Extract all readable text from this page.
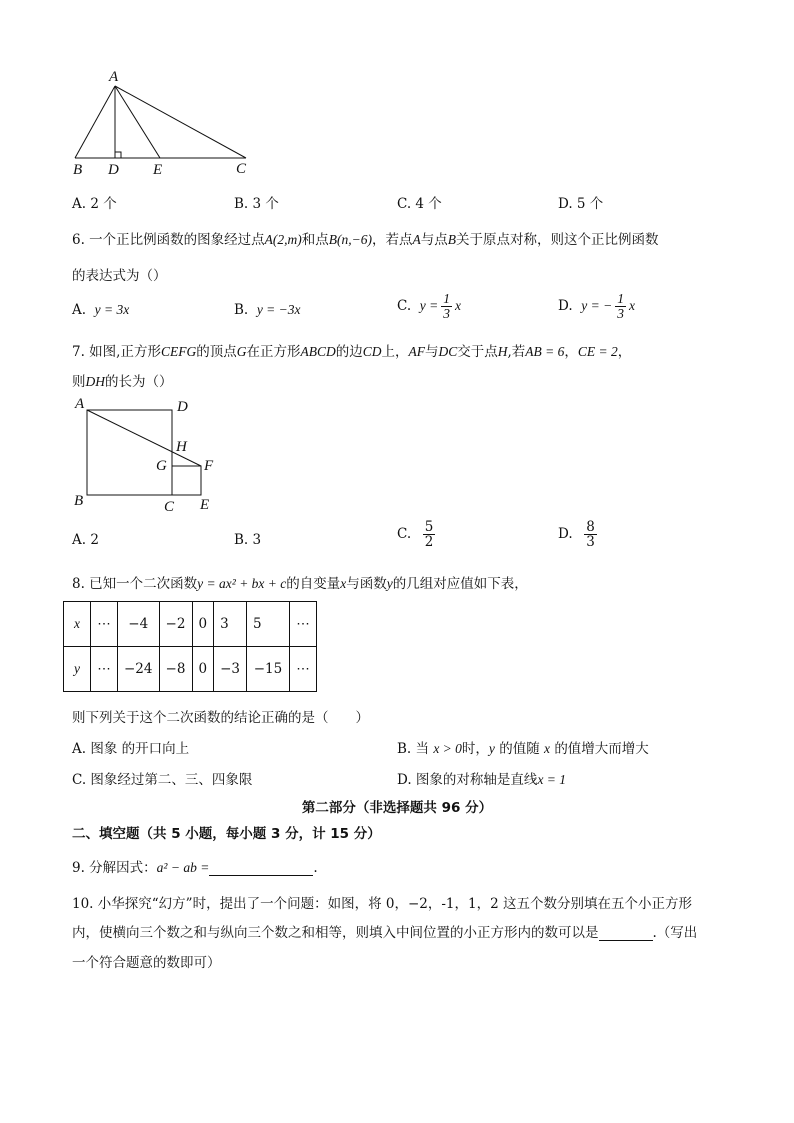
A
B D E	C
A. 2 个	B. 3 个	C. 4 个	D. 5 个
6. 一个正比例函数的图象经过点A(2,m)和点B(n,−6)，若点A与点B关于原点对称，则这个正比例函数
的表达式为（）
A. y = 3x	B. y = −3x	C. $y = \frac{1}{3}$ x	D. y = − $\frac{1}{3}$ x
7. 如图,正方形CEFG的顶点G在正方形ABCD的边CD上，AF与DC交于点H,若AB = 6，CE = 2，
则DH的长为（）
A	D
H
G F
B	C E
A. 2	B. 3	C. $\frac{5}{2}$	D. $\frac{8}{3}$
8. 已知一个二次函数y = ax² + bx + c的自变量x与函数y的几组对应值如下表，
x	⋯	−4	−2	0	3	5	⋯
y	⋯	−24	−8	0	−3	−15	⋯
则下列关于这个二次函数的结论正确的是（　　）
A. 图象 的开口向上	B. 当 x > 0时，y 的值随 x 的值增大而增大
C. 图象经过第二、三、四象限	D. 图象的对称轴是直线x = 1
第二部分（非选择题共 96 分）
二、填空题（共 5 小题，每小题 3 分，计 15 分）
9. 分解因式：a² − ab =	.
10. 小华探究“幻方”时，提出了一个问题：如图，将 0，−2，-1，1，2 这五个数分别填在五个小正方形
内，使横向三个数之和与纵向三个数之和相等，则填入中间位置的小正方形内的数可以是	.（写出
一个符合题意的数即可）
